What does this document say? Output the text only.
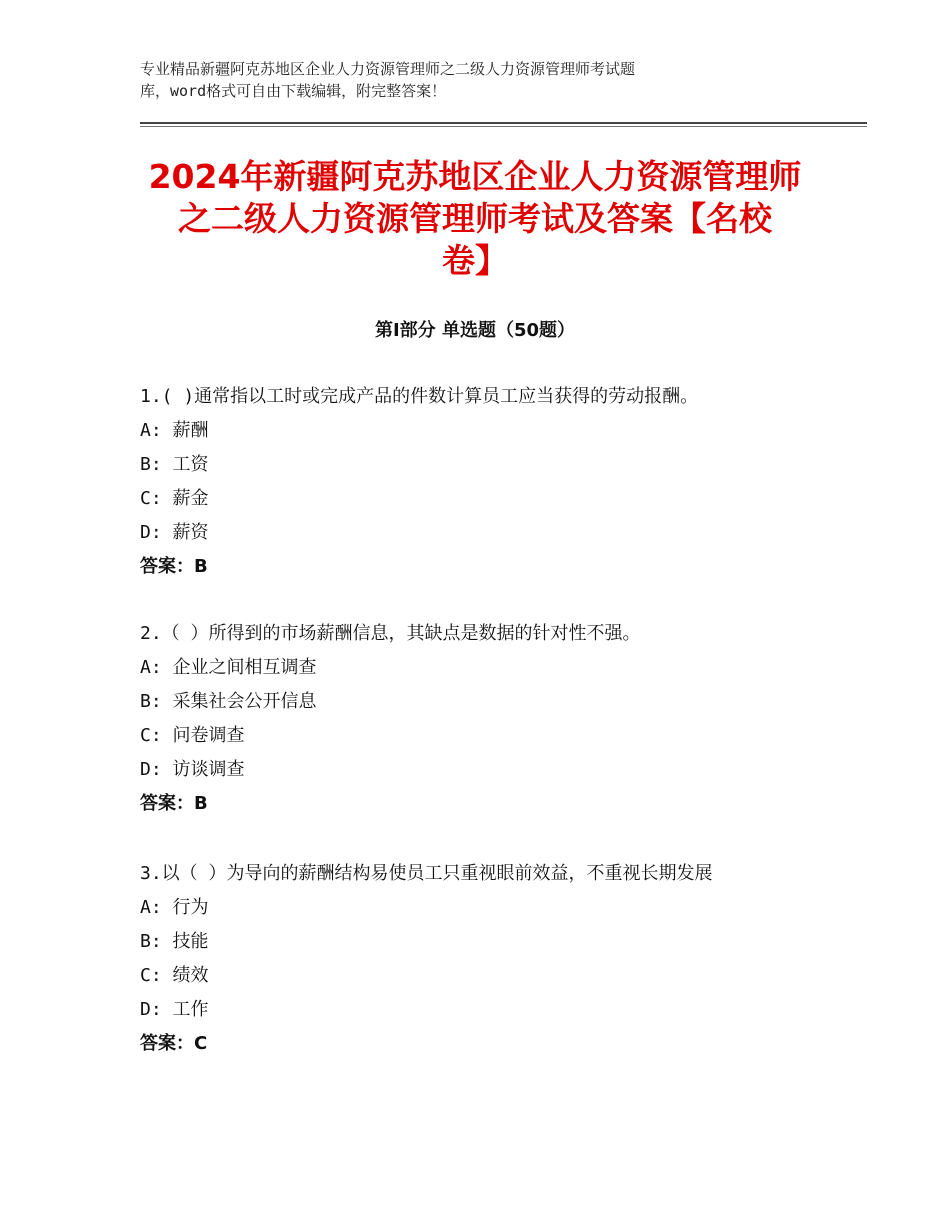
专业精品新疆阿克苏地区企业人力资源管理师之二级人力资源管理师考试题
库，word格式可自由下载编辑，附完整答案！
2024年新疆阿克苏地区企业人力资源管理师
之二级人力资源管理师考试及答案【名校
卷】
第Ⅰ部分 单选题（50题）
1.( )通常指以工时或完成产品的件数计算员工应当获得的劳动报酬。
A: 薪酬
B: 工资
C: 薪金
D: 薪资
答案：B
2.（ ）所得到的市场薪酬信息，其缺点是数据的针对性不强。
A: 企业之间相互调查
B: 采集社会公开信息
C: 问卷调查
D: 访谈调查
答案：B
3.以（ ）为导向的薪酬结构易使员工只重视眼前效益，不重视长期发展
A: 行为
B: 技能
C: 绩效
D: 工作
答案：C
